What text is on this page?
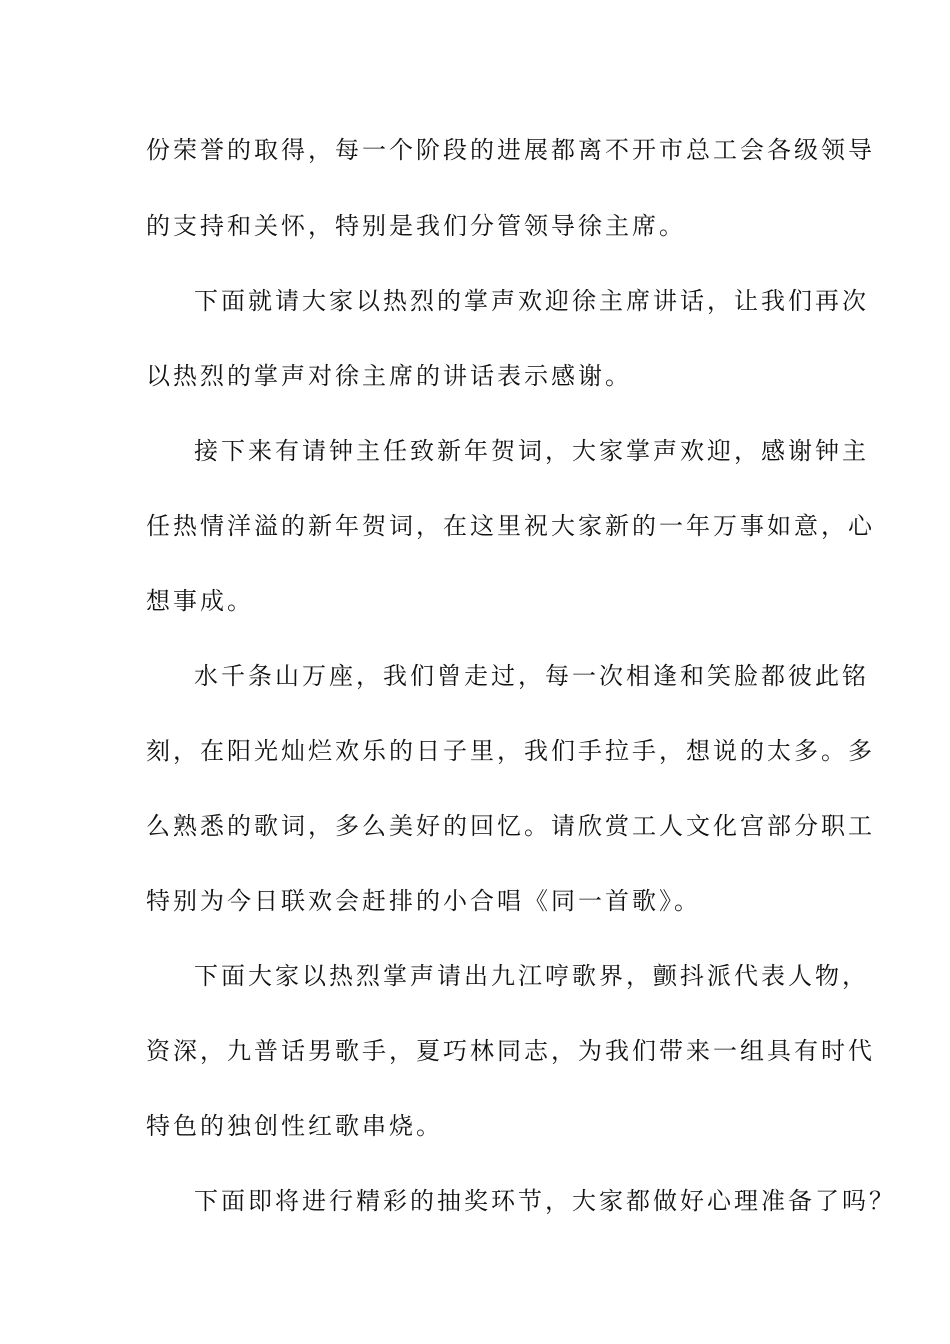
份荣誉的取得，每一个阶段的进展都离不开市总工会各级领导
的支持和关怀，特别是我们分管领导徐主席。
下面就请大家以热烈的掌声欢迎徐主席讲话，让我们再次
以热烈的掌声对徐主席的讲话表示感谢。
接下来有请钟主任致新年贺词，大家掌声欢迎，感谢钟主
任热情洋溢的新年贺词，在这里祝大家新的一年万事如意，心
想事成。
水千条山万座，我们曾走过，每一次相逢和笑脸都彼此铭
刻，在阳光灿烂欢乐的日子里，我们手拉手，想说的太多。多
么熟悉的歌词，多么美好的回忆。请欣赏工人文化宫部分职工
特别为今日联欢会赶排的小合唱《同一首歌》。
下面大家以热烈掌声请出九江哼歌界，颤抖派代表人物，
资深，九普话男歌手，夏巧林同志，为我们带来一组具有时代
特色的独创性红歌串烧。
下面即将进行精彩的抽奖环节，大家都做好心理准备了吗？
